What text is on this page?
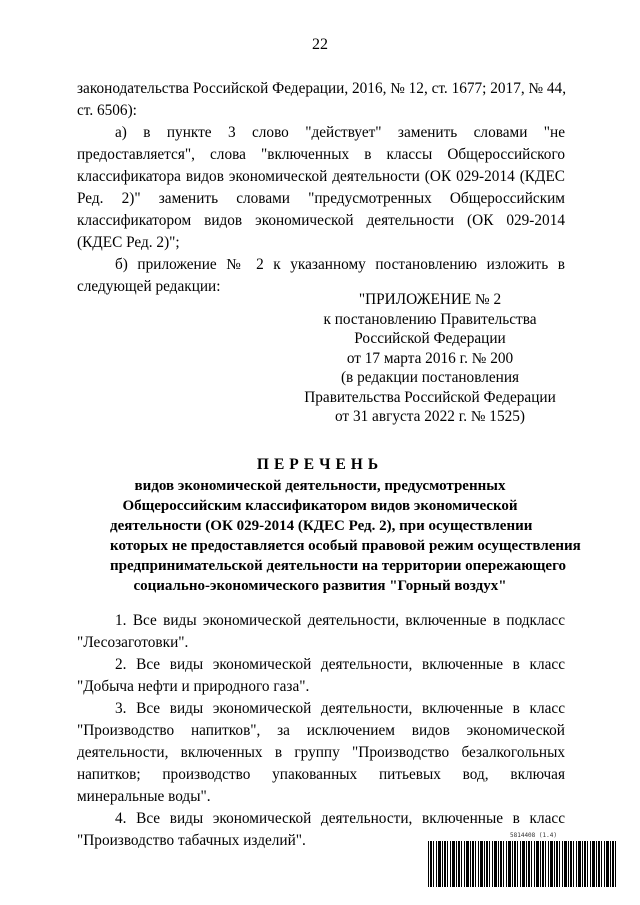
22

законодательства Российской Федерации, 2016, № 12, ст. 1677; 2017, № 44,

ст. 6506):

а) в пункте 3 слово "действует" заменить словами "не предоставляется", слова "включенных в классы Общероссийского классификатора видов экономической деятельности (ОК 029-2014 (КДЕС Ред. 2)" заменить словами "предусмотренных Общероссийским классификатором видов экономической деятельности (ОК 029-2014 (КДЕС Ред. 2)";

б) приложение № 2 к указанному постановлению изложить в следующей редакции:

"ПРИЛОЖЕНИЕ № 2
к постановлению Правительства
Российской Федерации
от 17 марта 2016 г. № 200
(в редакции постановления
Правительства Российской Федерации
от 31 августа 2022 г. № 1525)
ПЕРЕЧЕНЬ
видов экономической деятельности, предусмотренных
Общероссийским классификатором видов экономической
деятельности (ОК 029-2014 (КДЕС Ред. 2), при осуществлении
которых не предоставляется особый правовой режим осуществления
предпринимательской деятельности на территории опережающего
социально-экономического развития "Горный воздух"

1. Все виды экономической деятельности, включенные в подкласс "Лесозаготовки".

2. Все виды экономической деятельности, включенные в класс "Добыча нефти и природного газа".

3. Все виды экономической деятельности, включенные в класс "Производство напитков", за исключением видов экономической деятельности, включенных в группу "Производство безалкогольных напитков; производство упакованных питьевых вод, включая минеральные воды".

4. Все виды экономической деятельности, включенные в класс "Производство табачных изделий".	5814408 (1.4)
